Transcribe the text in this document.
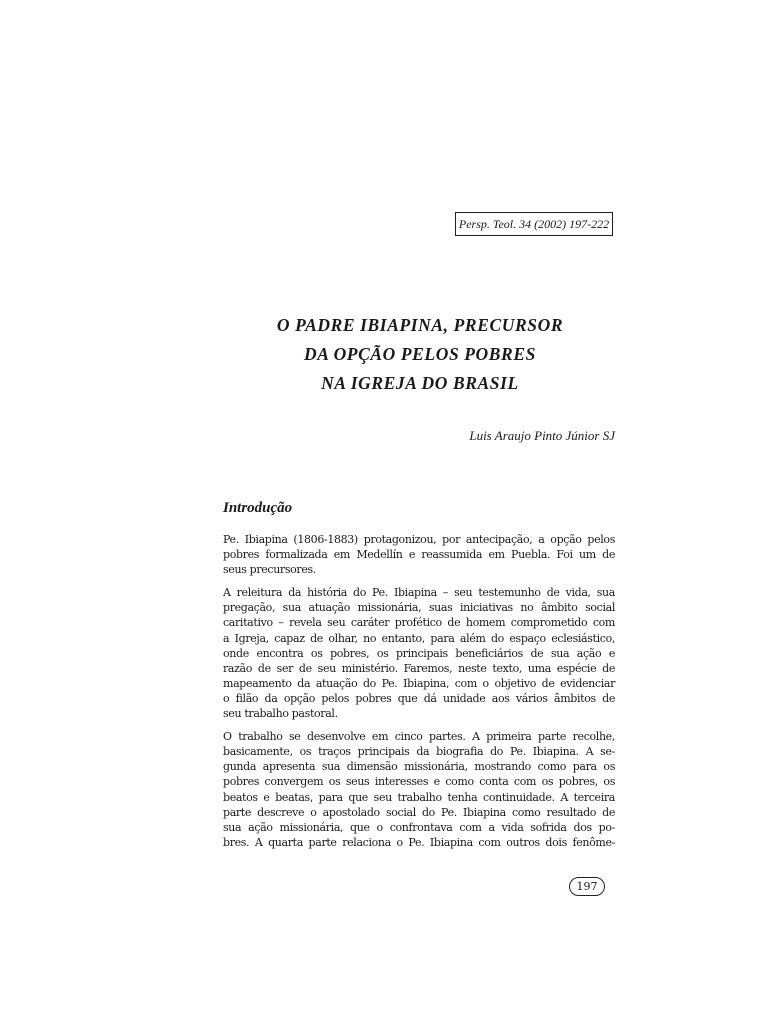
Persp. Teol. 34 (2002) 197-222
O PADRE IBIAPINA, PRECURSOR
DA OPÇÃO PELOS POBRES
NA IGREJA DO BRASIL
Luis Araujo Pinto Júnior SJ
Introdução
Pe. Ibiapina (1806-1883) protagonizou, por antecipação, a opção pelos
pobres formalizada em Medellín e reassumida em Puebla. Foi um de
seus precursores.
A releitura da história do Pe. Ibiapina – seu testemunho de vida, sua
pregação, sua atuação missionária, suas iniciativas no âmbito social
caritativo – revela seu caráter profético de homem comprometido com
a Igreja, capaz de olhar, no entanto, para além do espaço eclesiástico,
onde encontra os pobres, os principais beneficiários de sua ação e
razão de ser de seu ministério. Faremos, neste texto, uma espécie de
mapeamento da atuação do Pe. Ibiapina, com o objetivo de evidenciar
o filão da opção pelos pobres que dá unidade aos vários âmbitos de
seu trabalho pastoral.
O trabalho se desenvolve em cinco partes. A primeira parte recolhe,
basicamente, os traços principais da biografia do Pe. Ibiapina. A se-
gunda apresenta sua dimensão missionária, mostrando como para os
pobres convergem os seus interesses e como conta com os pobres, os
beatos e beatas, para que seu trabalho tenha continuidade. A terceira
parte descreve o apostolado social do Pe. Ibiapina como resultado de
sua ação missionária, que o confrontava com a vida sofrida dos po-
bres. A quarta parte relaciona o Pe. Ibiapina com outros dois fenôme-
197
